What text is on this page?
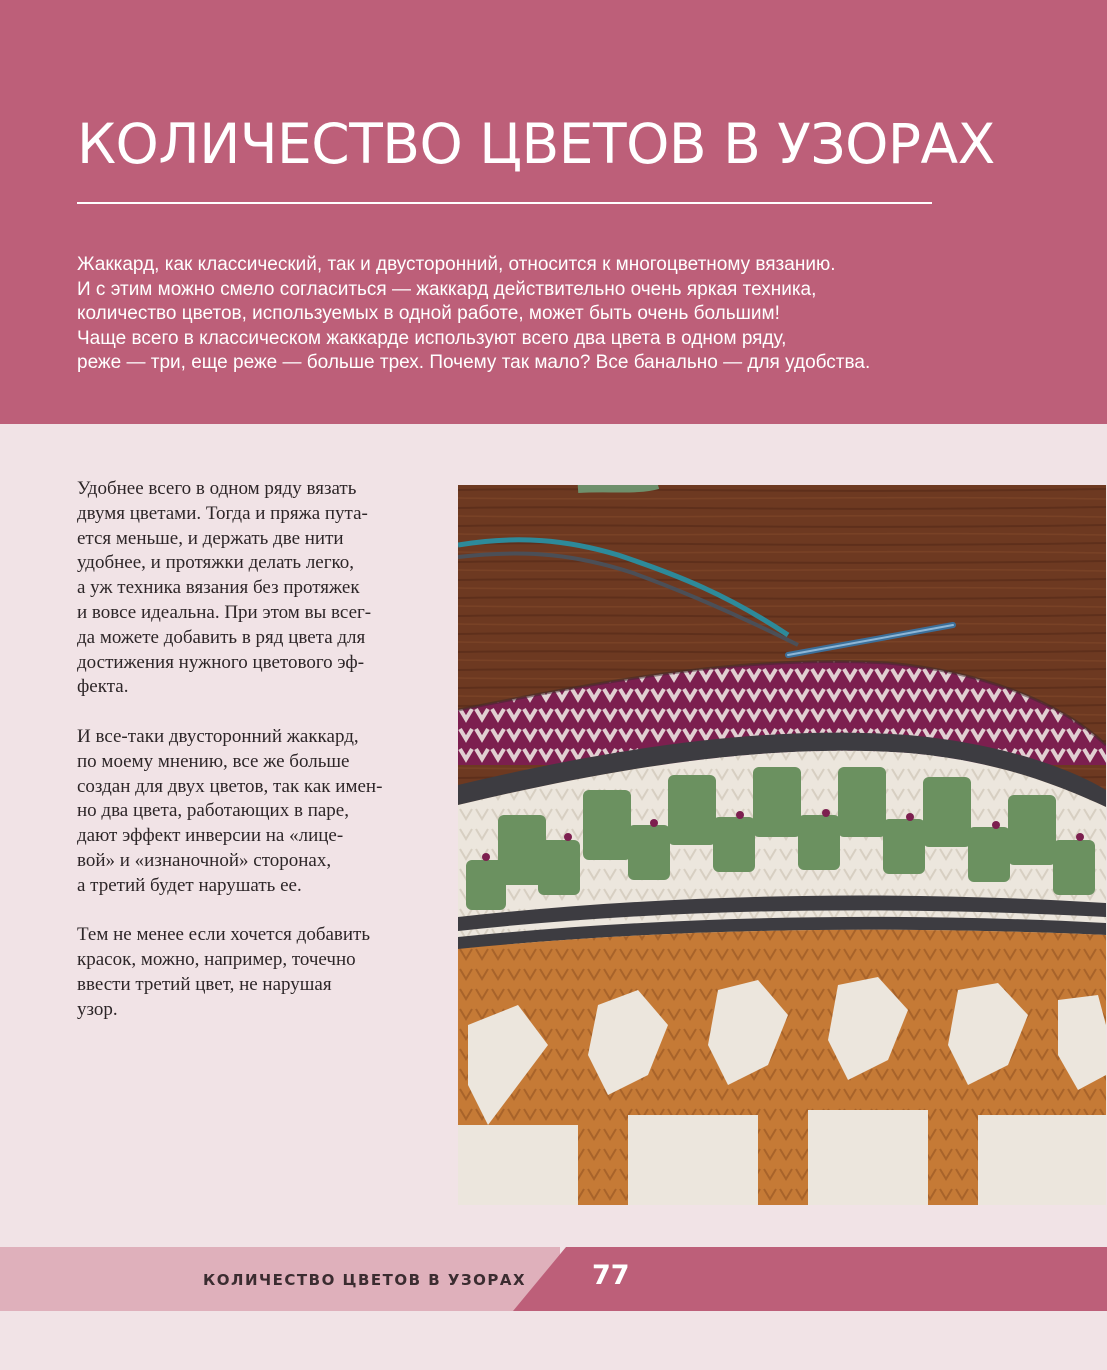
КОЛИЧЕСТВО ЦВЕТОВ В УЗОРАХ
Жаккард, как классический, так и двусторонний, относится к многоцветному вязанию.
И с этим можно смело согласиться — жаккард действительно очень яркая техника,
количество цветов, используемых в одной работе, может быть очень большим!
Чаще всего в классическом жаккарде используют всего два цвета в одном ряду,
реже — три, еще реже — больше трех. Почему так мало? Все банально — для удобства.

Удобнее всего в одном ряду вязать
двумя цветами. Тогда и пряжа пута-
ется меньше, и держать две нити
удобнее, и протяжки делать легко,
а уж техника вязания без протяжек
и вовсе идеальна. При этом вы всег-
да можете добавить в ряд цвета для
достижения нужного цветового эф-
фекта.

И все-таки двусторонний жаккард,
по моему мнению, все же больше
создан для двух цветов, так как имен-
но два цвета, работающих в паре,
дают эффект инверсии на «лице-
вой» и «изнаночной» сторонах,
а третий будет нарушать ее.

Тем не менее если хочется добавить
красок, можно, например, точечно
ввести третий цвет, не нарушая
узор.

КОЛИЧЕСТВО ЦВЕТОВ В УЗОРАХ 77
